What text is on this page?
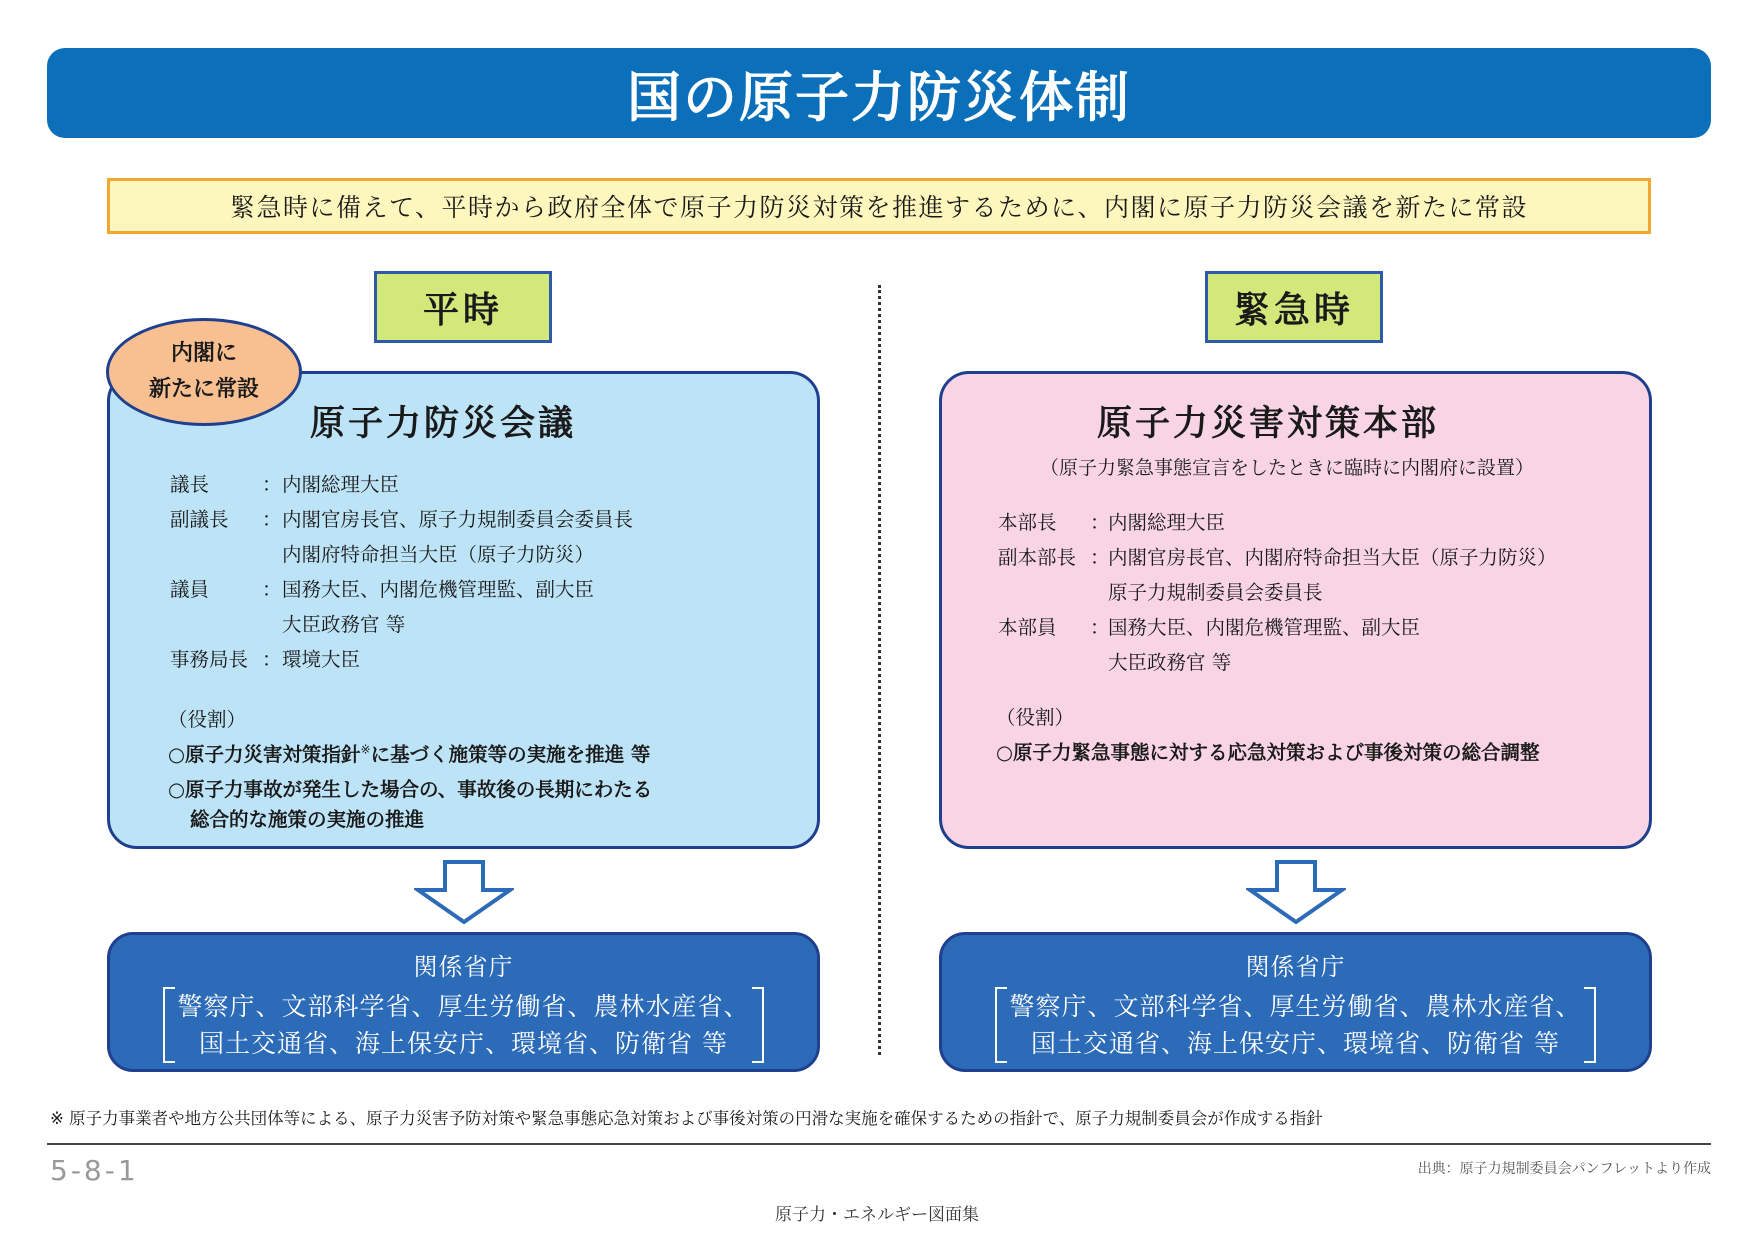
国の原子力防災体制
緊急時に備えて、平時から政府全体で原子力防災対策を推進するために、内閣に原子力防災会議を新たに常設
平時	緊急時
原子力防災会議
議長	： 内閣総理大臣
副議長 ： 内閣官房長官、原子力規制委員会委員長
内閣府特命担当大臣（原子力防災）
議員	： 国務大臣、内閣危機管理監、副大臣
大臣政務官 等
事務局長 ： 環境大臣
（役割）
○原子力災害対策指針※に基づく施策等の実施を推進 等
○原子力事故が発生した場合の、事故後の長期にわたる
総合的な施策の実施の推進
内閣に
新たに常設
原子力災害対策本部
（原子力緊急事態宣言をしたときに臨時に内閣府に設置）
本部長 ：
内閣総理大臣
副本部長 ：
内閣官房長官、内閣府特命担当大臣（原子力防災）
原子力規制委員会委員長
本部員 ：
国務大臣、内閣危機管理監、副大臣
大臣政務官 等
（役割）
○原子力緊急事態に対する応急対策および事後対策の総合調整
関係省庁
警察庁、文部科学省、厚生労働省、農林水産省、
国土交通省、海上保安庁、環境省、防衛省 等
関係省庁
警察庁、文部科学省、厚生労働省、農林水産省、
国土交通省、海上保安庁、環境省、防衛省 等
※ 原子力事業者や地方公共団体等による、原子力災害予防対策や緊急事態応急対策および事後対策の円滑な実施を確保するための指針で、原子力規制委員会が作成する指針
5-8-1	出典：原子力規制委員会パンフレットより作成
原子力・エネルギー図面集
